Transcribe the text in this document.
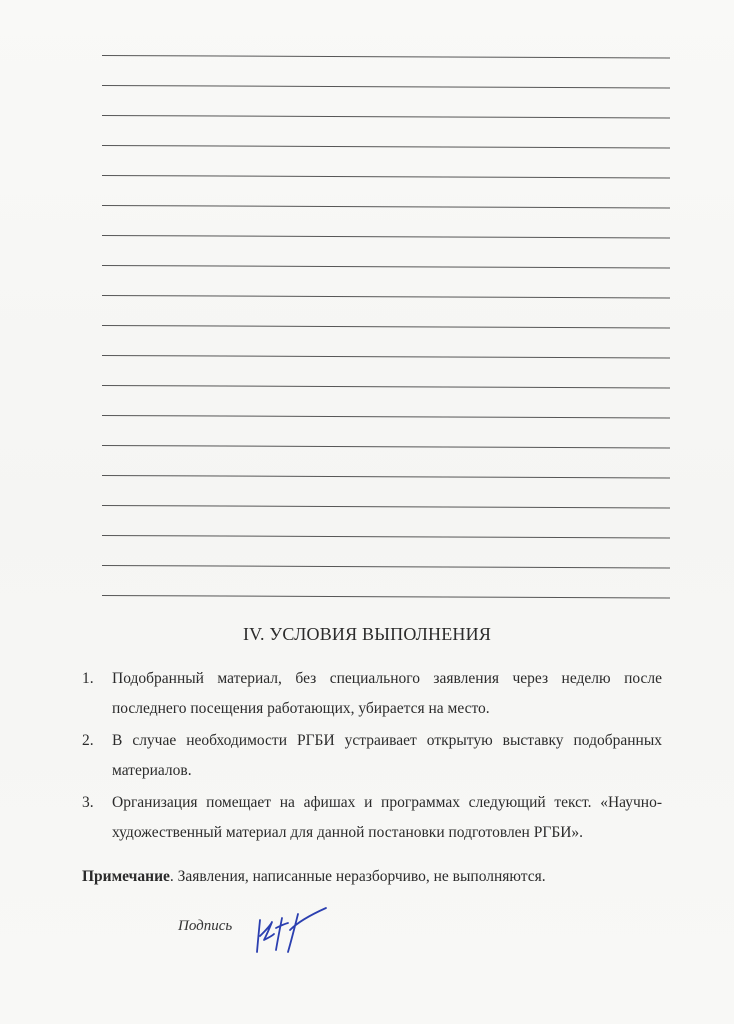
IV. УСЛОВИЯ ВЫПОЛНЕНИЯ
1. Подобранный материал, без специального заявления через неделю после последнего посещения работающих, убирается на место.
2. В случае необходимости РГБИ устраивает открытую выставку подобранных материалов.
3. Организация помещает на афишах и программах следующий текст. «Научно-художественный материал для данной постановки подготовлен РГБИ».
Примечание. Заявления, написанные неразборчиво, не выполняются.
Подпись
